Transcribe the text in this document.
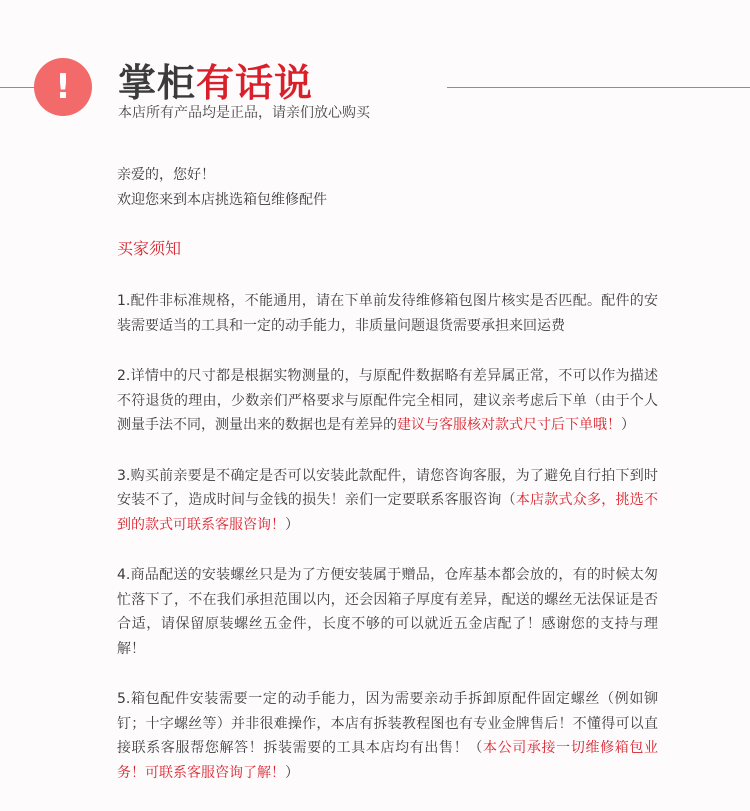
! 掌柜有话说
本店所有产品均是正品，请亲们放心购买
亲爱的，您好！
欢迎您来到本店挑选箱包维修配件
买家须知

1.配件非标准规格，不能通用，请在下单前发待维修箱包图片核实是否匹配。配件的安装需要适当的工具和一定的动手能力，非质量问题退货需要承担来回运费

2.详情中的尺寸都是根据实物测量的，与原配件数据略有差异属正常，不可以作为描述不符退货的理由，少数亲们严格要求与原配件完全相同，建议亲考虑后下单（由于个人测量手法不同，测量出来的数据也是有差异的建议与客服核对款式尺寸后下单哦！）

3.购买前亲要是不确定是否可以安装此款配件，请您咨询客服，为了避免自行拍下到时安装不了，造成时间与金钱的损失！亲们一定要联系客服咨询（本店款式众多，挑选不到的款式可联系客服咨询！）

4.商品配送的安装螺丝只是为了方便安装属于赠品，仓库基本都会放的，有的时候太匆忙落下了，不在我们承担范围以内，还会因箱子厚度有差异，配送的螺丝无法保证是否合适，请保留原装螺丝五金件，长度不够的可以就近五金店配了！感谢您的支持与理解！

5.箱包配件安装需要一定的动手能力，因为需要亲动手拆卸原配件固定螺丝（例如铆钉；十字螺丝等）并非很难操作，本店有拆装教程图也有专业金牌售后！不懂得可以直接联系客服帮您解答！拆装需要的工具本店均有出售！（本公司承接一切维修箱包业务！可联系客服咨询了解！）
